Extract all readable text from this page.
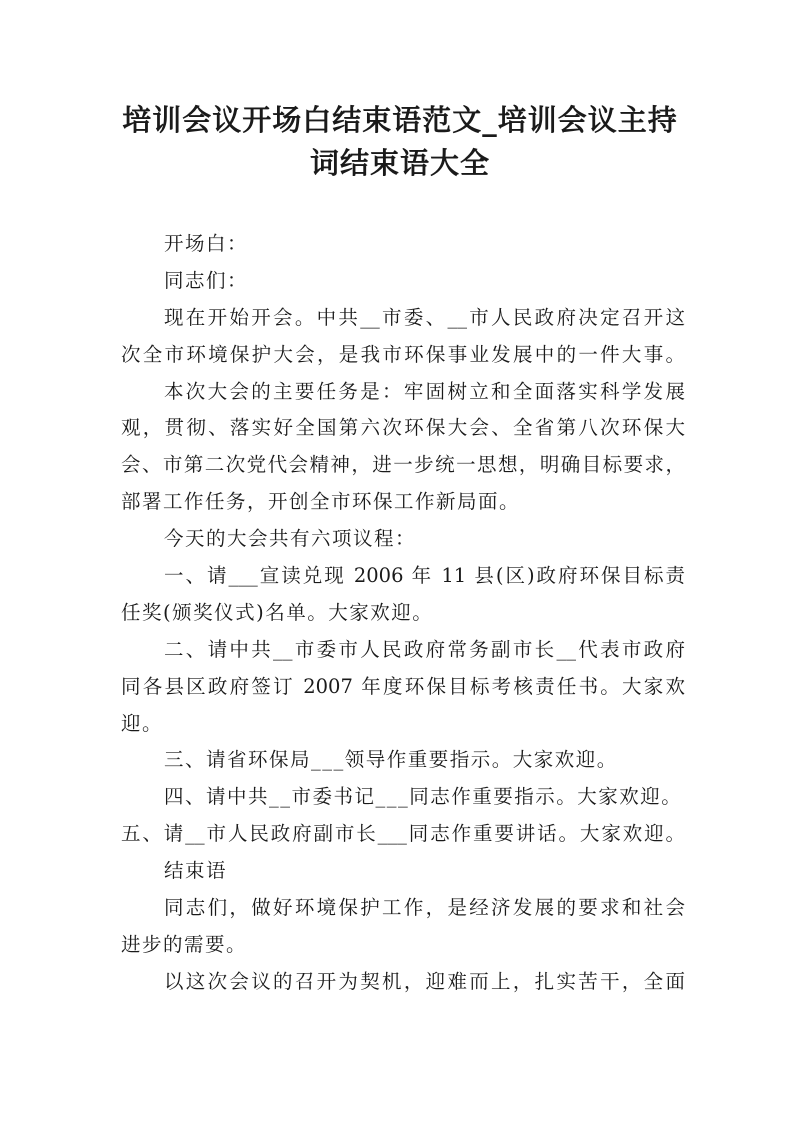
培训会议开场白结束语范文_培训会议主持
词结束语大全
开场白：
同志们：
现在开始开会。中共__市委、__市人民政府决定召开这
次全市环境保护大会，是我市环保事业发展中的一件大事。
本次大会的主要任务是：牢固树立和全面落实科学发展
观，贯彻、落实好全国第六次环保大会、全省第八次环保大
会、市第二次党代会精神，进一步统一思想，明确目标要求，
部署工作任务，开创全市环保工作新局面。
今天的大会共有六项议程：
一、请___宣读兑现 2006 年 11 县(区)政府环保目标责
任奖(颁奖仪式)名单。大家欢迎。
二、请中共__市委市人民政府常务副市长__代表市政府
同各县区政府签订 2007 年度环保目标考核责任书。大家欢
迎。
三、请省环保局___领导作重要指示。大家欢迎。
四、请中共__市委书记___同志作重要指示。大家欢迎。
五、请__市人民政府副市长___同志作重要讲话。大家欢迎。
结束语
同志们，做好环境保护工作，是经济发展的要求和社会
进步的需要。
以这次会议的召开为契机，迎难而上，扎实苦干，全面
